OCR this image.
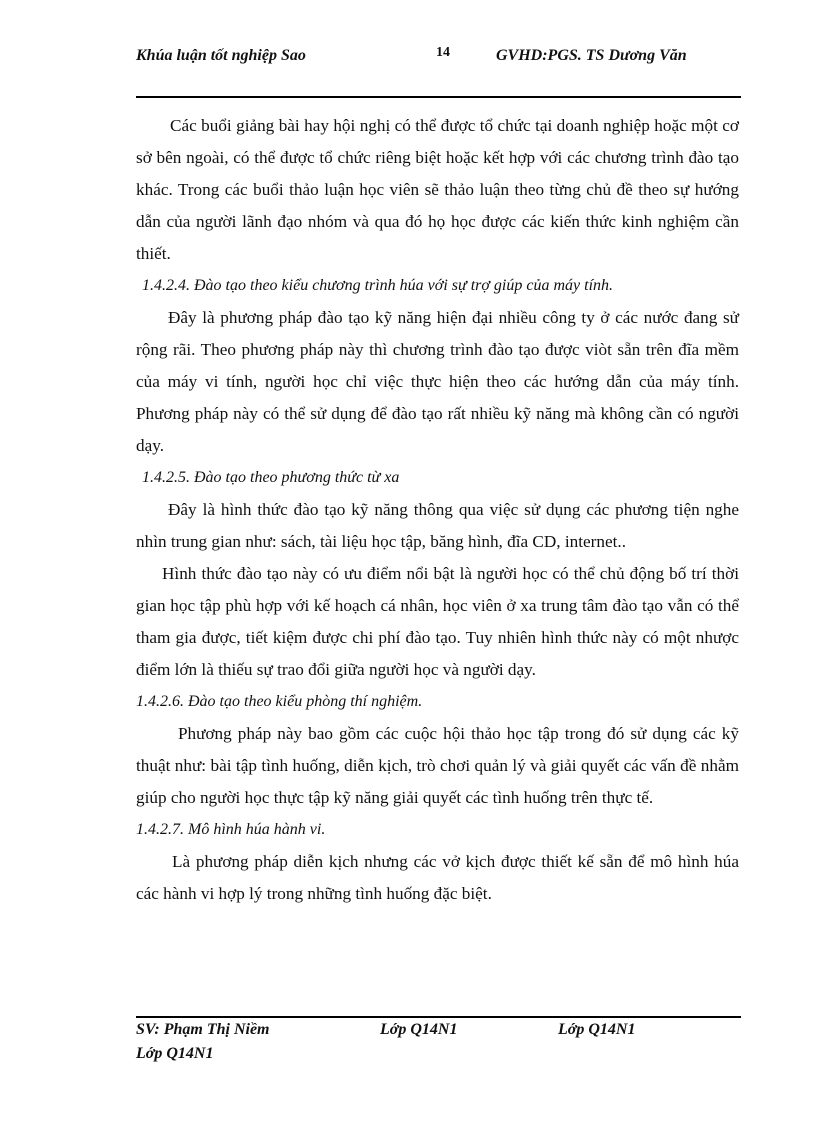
Khúa luận tốt nghiệp Sao	14	GVHD:PGS. TS Dương Văn

Các buổi giảng bài hay hội nghị có thể được tổ chức tại doanh nghiệp hoặc một cơ sở bên ngoài, có thể được tổ chức riêng biệt hoặc kết hợp với các chương trình đào tạo khác. Trong các buổi thảo luận học viên sẽ thảo luận theo từng chủ đề theo sự hướng dẫn của người lãnh đạo nhóm và qua đó họ học được các kiến thức kinh nghiệm cần thiết.

1.4.2.4. Đào tạo theo kiểu chương trình húa với sự trợ giúp của máy tính.

Đây là phương pháp đào tạo kỹ năng hiện đại nhiều công ty ở các nước đang sử rộng rãi. Theo phương pháp này thì chương trình đào tạo được viòt sẵn trên đĩa mềm của máy vi tính, người học chỉ việc thực hiện theo các hướng dẫn của máy tính. Phương pháp này có thể sử dụng để đào tạo rất nhiều kỹ năng mà không cần có người dạy.

1.4.2.5. Đào tạo theo phương thức từ xa

Đây là hình thức đào tạo kỹ năng thông qua việc sử dụng các phương tiện nghe nhìn trung gian như: sách, tài liệu học tập, băng hình, đĩa CD, internet..

Hình thức đào tạo này có ưu điểm nổi bật là người học có thể chủ động bố trí thời gian học tập phù hợp với kế hoạch cá nhân, học viên ở xa trung tâm đào tạo vẫn có thể tham gia được, tiết kiệm được chi phí đào tạo. Tuy nhiên hình thức này có một nhược điểm lớn là thiếu sự trao đổi giữa người học và người dạy.

1.4.2.6. Đào tạo theo kiểu phòng thí nghiệm.

Phương pháp này bao gồm các cuộc hội thảo học tập trong đó sử dụng các kỹ thuật như: bài tập tình huống, diễn kịch, trò chơi quản lý và giải quyết các vấn đề nhằm giúp cho người học thực tập kỹ năng giải quyết các tình huống trên thực tế.

1.4.2.7. Mô hình húa hành vi.

Là phương pháp diễn kịch nhưng các vở kịch được thiết kế sẵn để mô hình húa các hành vi hợp lý trong những tình huống đặc biệt.

SV: Phạm Thị Niềm	Lớp Q14N1	Lớp Q14N1
Lớp Q14N1
